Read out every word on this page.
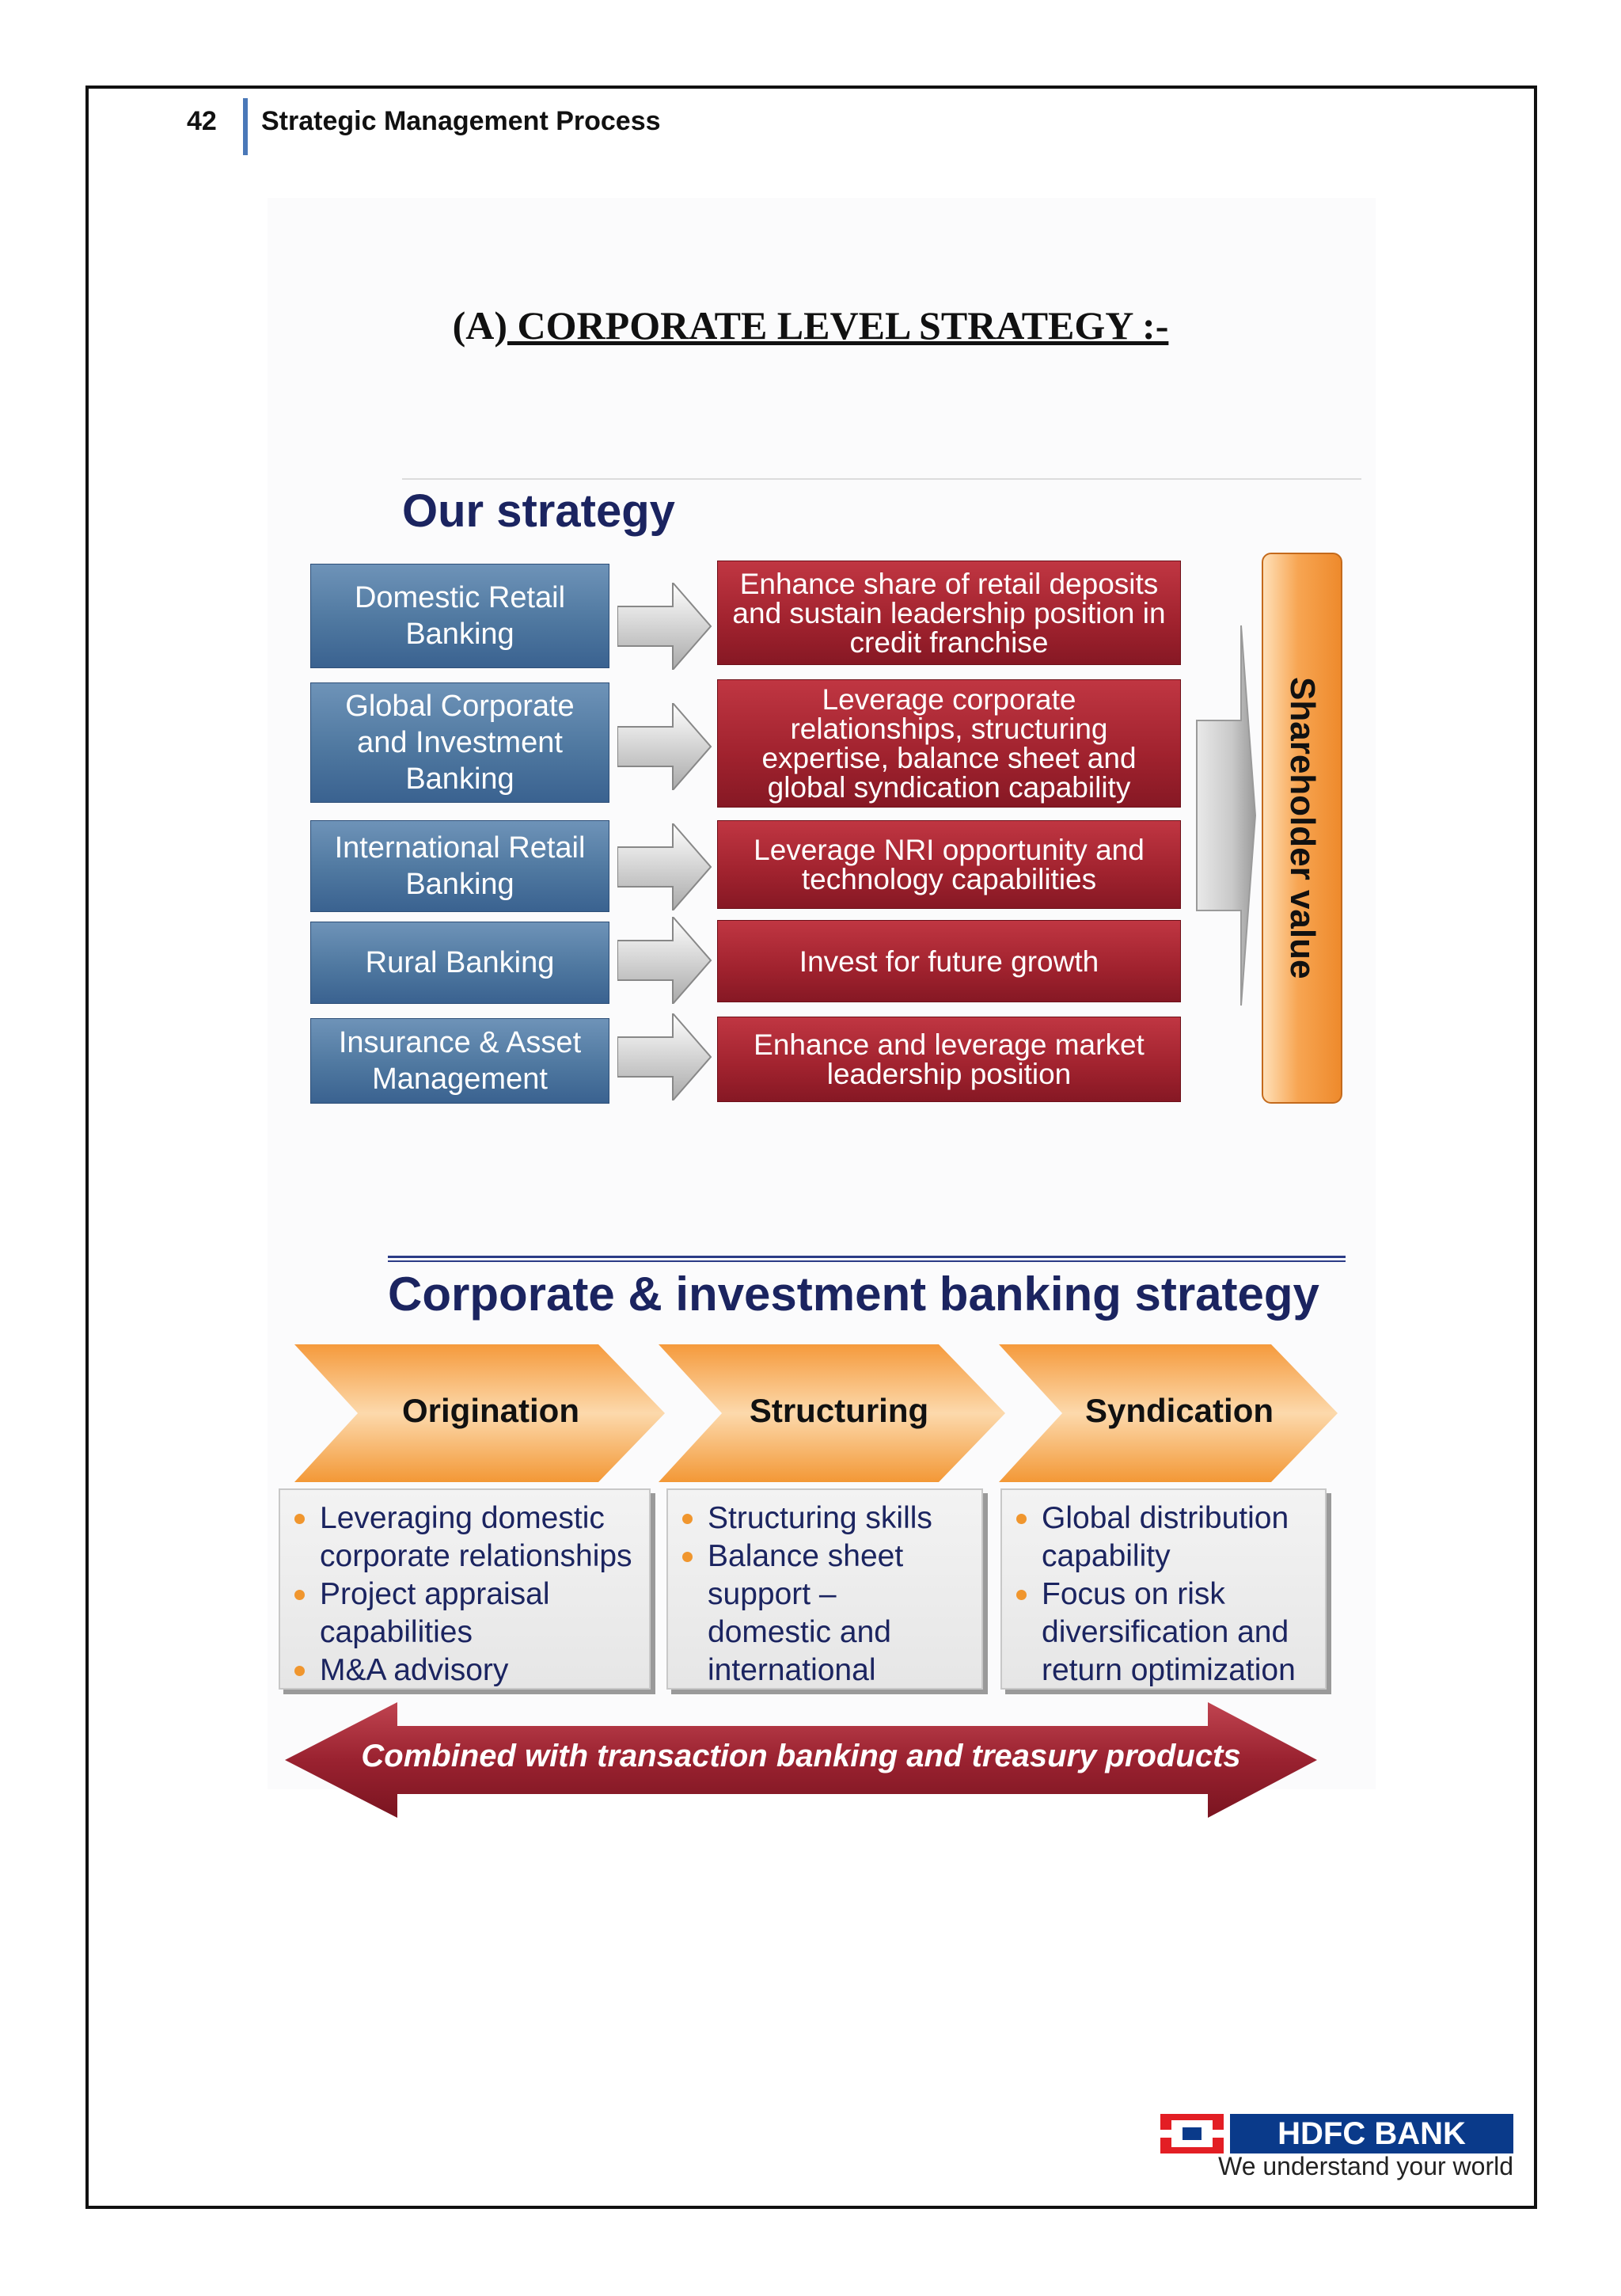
42 Strategic Management Process
(A) CORPORATE LEVEL STRATEGY :-
Our strategy
Domestic Retail Banking
Global Corporate and Investment Banking
International Retail Banking
Rural Banking
Insurance & Asset Management
Enhance share of retail deposits and sustain leadership position in credit franchise
Leverage corporate relationships, structuring expertise, balance sheet and global syndication capability
Leverage NRI opportunity and technology capabilities
Invest for future growth
Enhance and leverage market leadership position
Shareholder value
Corporate & investment banking strategy
Origination	Structuring	Syndication
Leveraging domestic corporate relationships
Project appraisal capabilities
M&A advisory
Structuring skills
Balance sheet support – domestic and international
Global distribution capability
Focus on risk diversification and return optimization
Combined with transaction banking and treasury products
HDFC BANK
We understand your world
